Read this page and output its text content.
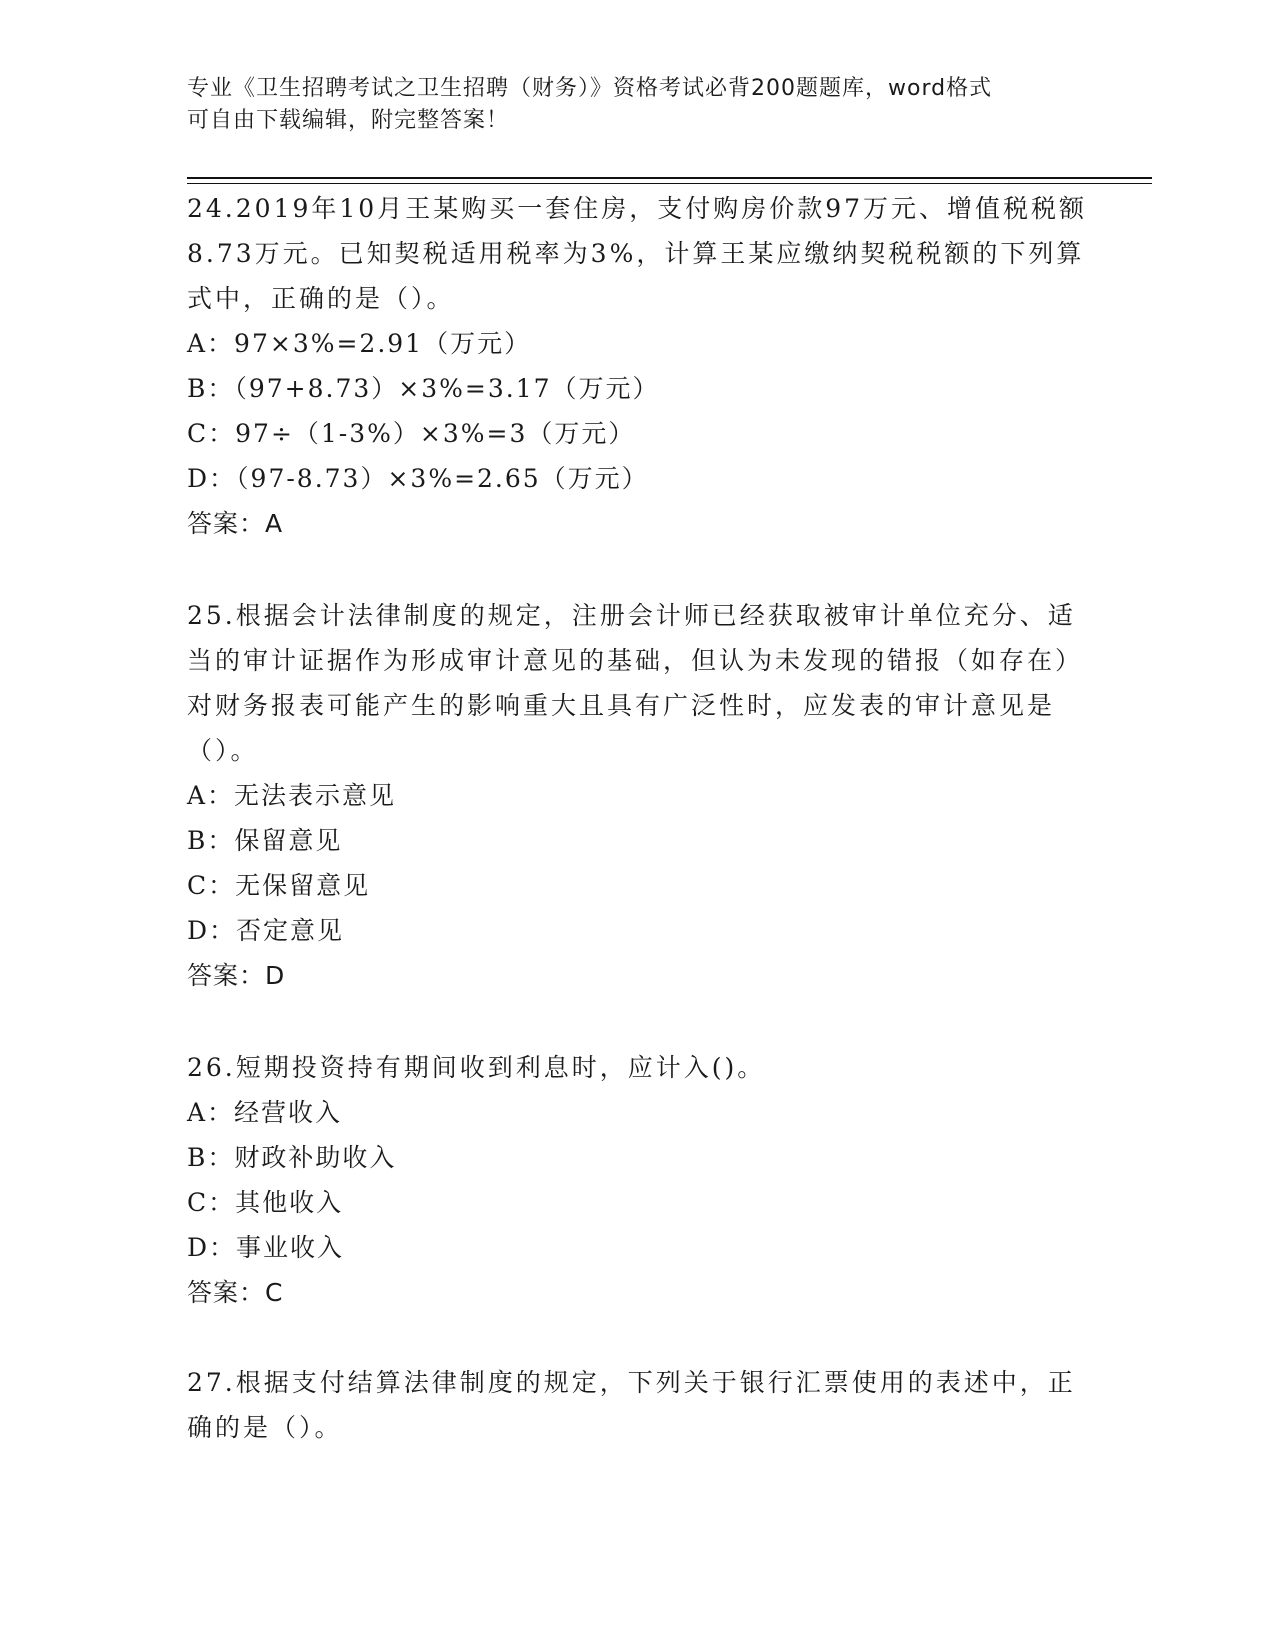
专业《卫生招聘考试之卫生招聘（财务）》资格考试必背200题题库，word格式
可自由下载编辑，附完整答案！

24.2019年10月王某购买一套住房，支付购房价款97万元、增值税税额8.73万元。已知契税适用税率为3%，计算王某应缴纳契税税额的下列算式中，正确的是（）。

A：97×3%=2.91（万元）

B：（97+8.73）×3%=3.17（万元）

C：97÷（1-3%）×3%=3（万元）

D：（97-8.73）×3%=2.65（万元）

答案：A

25.根据会计法律制度的规定，注册会计师已经获取被审计单位充分、适当的审计证据作为形成审计意见的基础，但认为未发现的错报（如存在）对财务报表可能产生的影响重大且具有广泛性时，应发表的审计意见是（）。

A：无法表示意见

B：保留意见

C：无保留意见

D：否定意见

答案：D

26.短期投资持有期间收到利息时，应计入()。

A：经营收入

B：财政补助收入

C：其他收入

D：事业收入

答案：C

27.根据支付结算法律制度的规定，下列关于银行汇票使用的表述中，正确的是（）。
